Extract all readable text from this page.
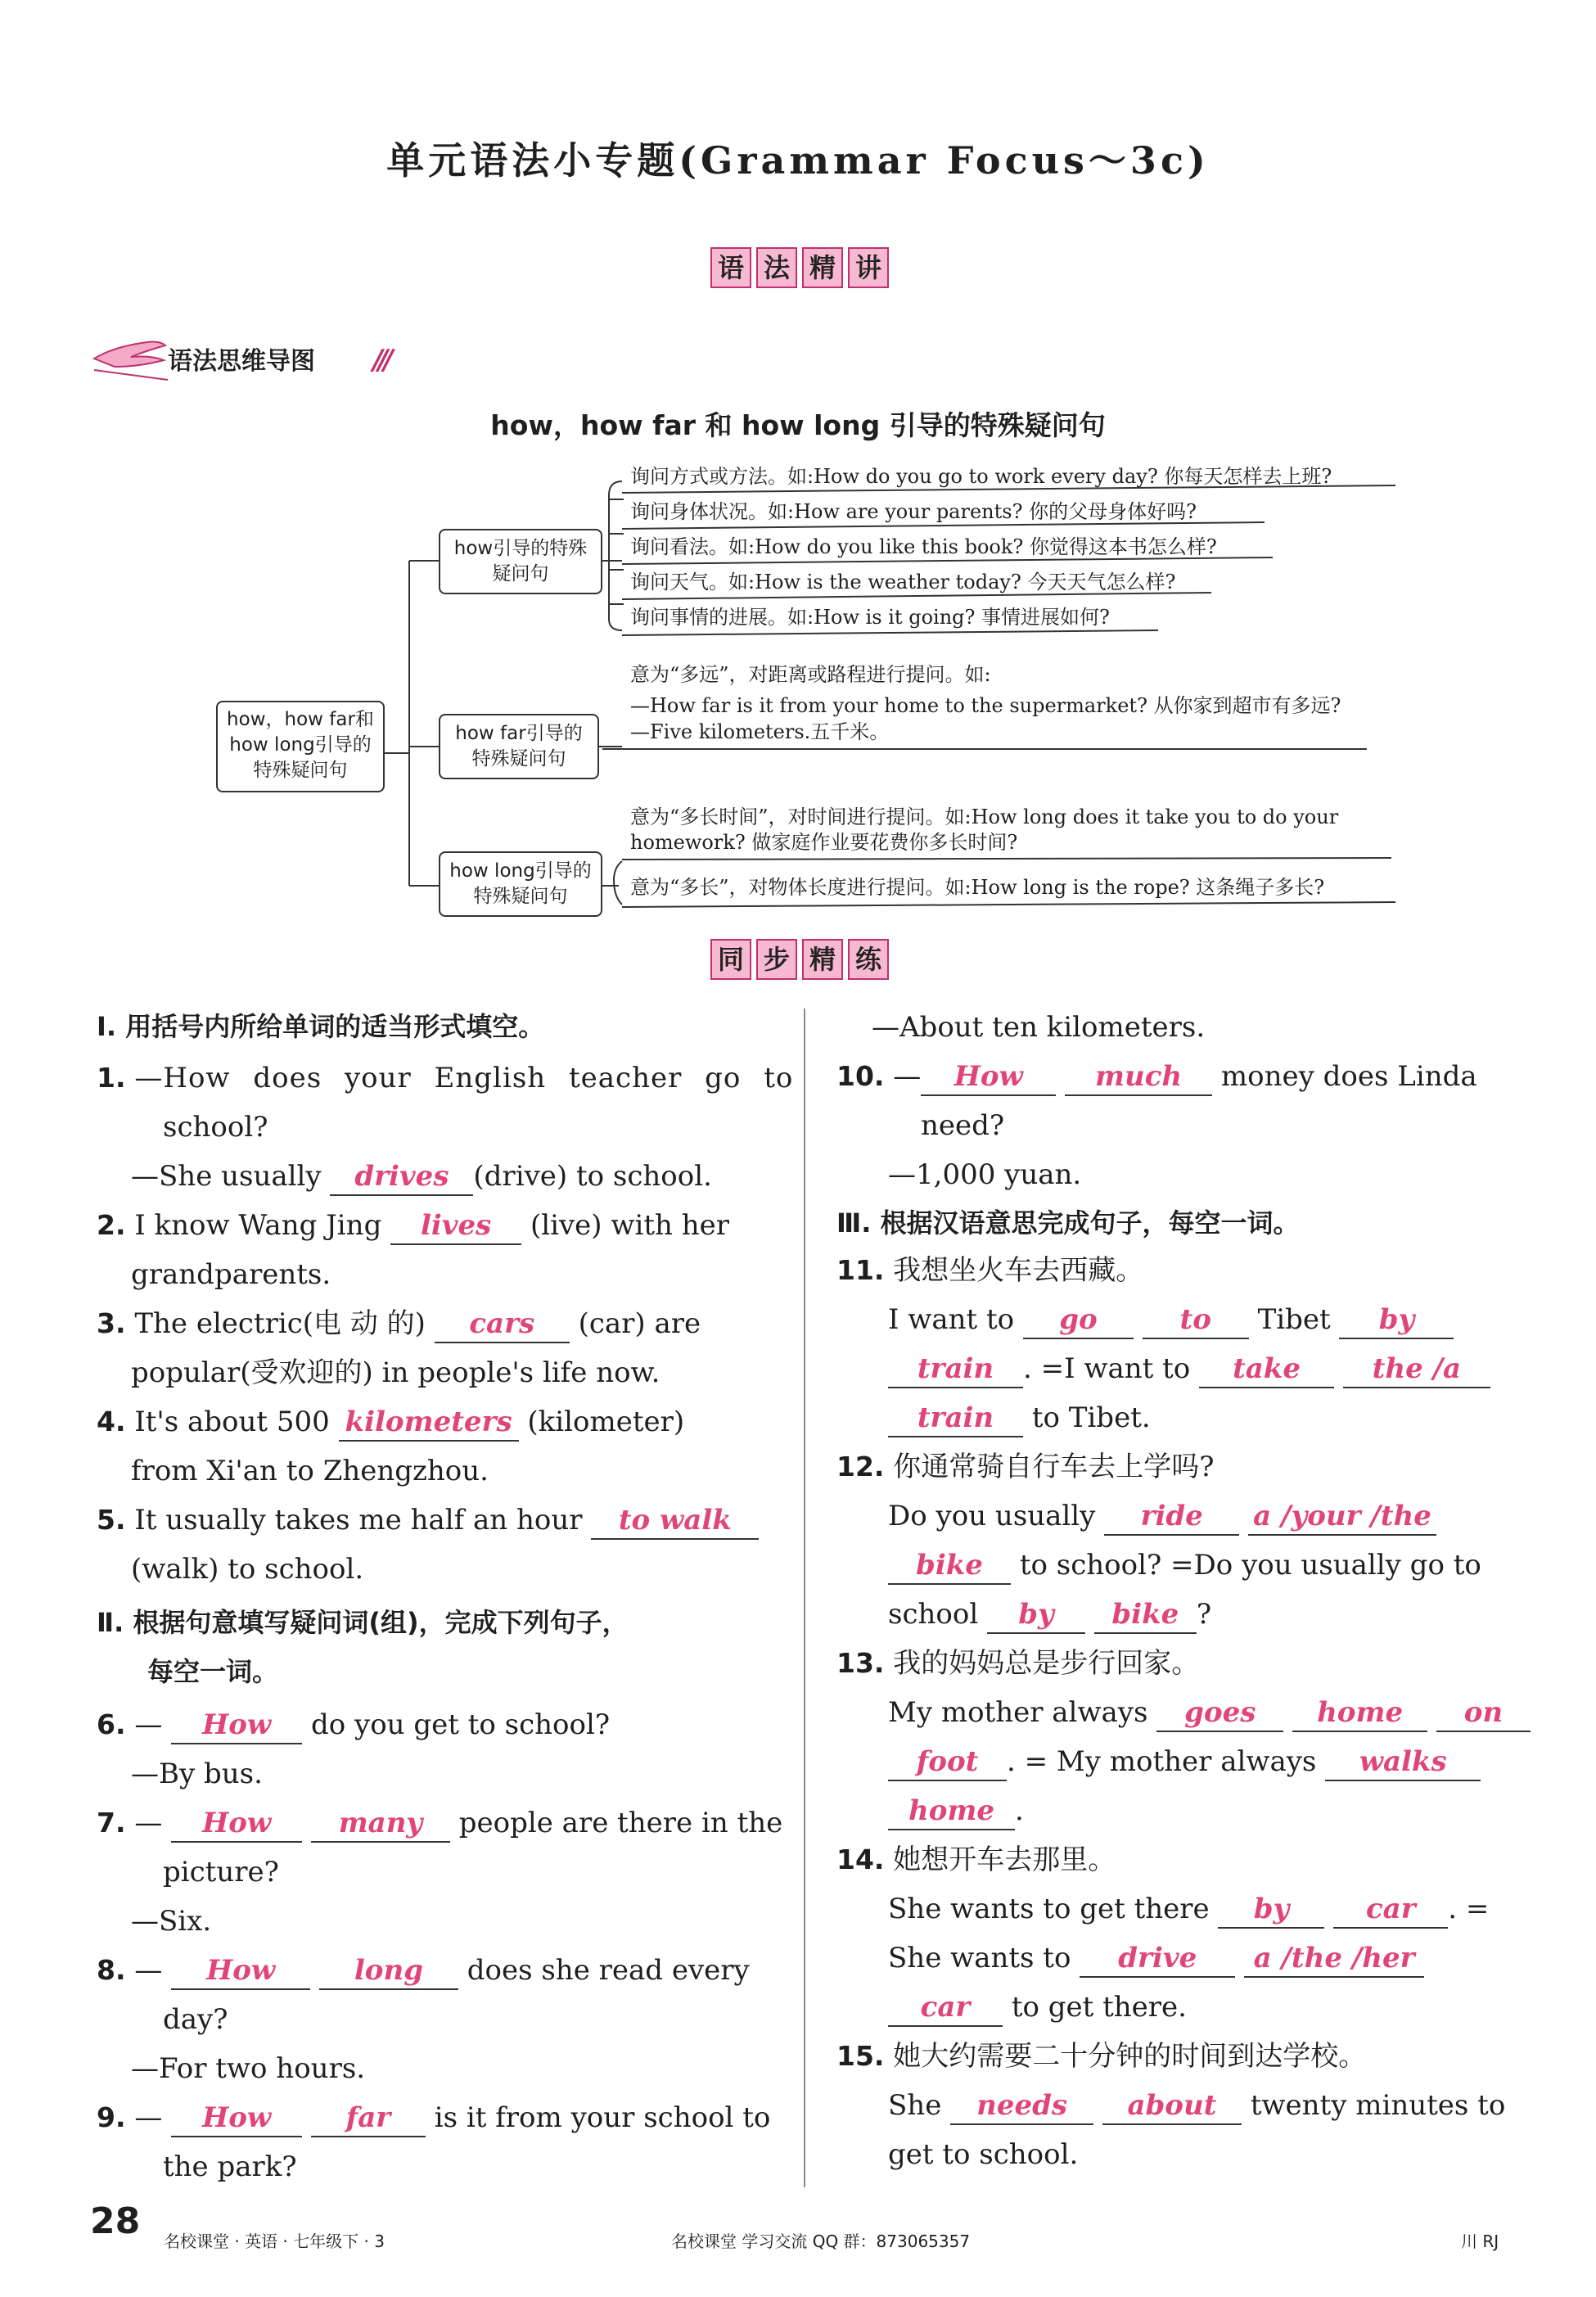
单元语法小专题(Grammar Focus～3c)
语 法 精 讲
语法思维导图 ///
how，how far 和 how long 引导的特殊疑问句
how，how far和how long引导的特殊疑问句
how引导的特殊疑问句
how far引导的特殊疑问句
how long引导的特殊疑问句
询问方式或方法。如:How do you go to work every day? 你每天怎样去上班?
询问身体状况。如:How are your parents? 你的父母身体好吗?
询问看法。如:How do you like this book? 你觉得这本书怎么样?
询问天气。如:How is the weather today? 今天天气怎么样?
询问事情的进展。如:How is it going? 事情进展如何?
意为“多远”，对距离或路程进行提问。如:
—How far is it from your home to the supermarket? 从你家到超市有多远?
—Five kilometers.五千米。
意为“多长时间”，对时间进行提问。如:How long does it take you to do your
homework? 做家庭作业要花费你多长时间?
意为“多长”，对物体长度进行提问。如:How long is the rope? 这条绳子多长?
同 步 精 练
Ⅰ. 用括号内所给单词的适当形式填空。
1. —How does your English teacher go to
school?
—She usually drives (drive) to school.
2. I know Wang Jing lives (live) with her
grandparents.
3. The electric(电 动 的) cars (car) are
popular(受欢迎的) in people's life now.
4. It's about 500 kilometers (kilometer)
from Xi'an to Zhengzhou.
5. It usually takes me half an hour to walk
(walk) to school.
Ⅱ. 根据句意填写疑问词(组)，完成下列句子，
每空一词。
6. — How do you get to school?
—By bus.
7. — How many people are there in the
picture?
—Six.
8. — How	long does she read every
day?
—For two hours.
9. — How	far is it from your school to
the park?
—About ten kilometers.
10. — How	much money does Linda
need?
—1,000 yuan.
Ⅲ. 根据汉语意思完成句子，每空一词。
11. 我想坐火车去西藏。
I want to go	to Tibet by
train . =I want to take	the /a
train to Tibet.
12. 你通常骑自行车去上学吗?
Do you usually ride a /your /the
bike to school? =Do you usually go to
school by bike ?
13. 我的妈妈总是步行回家。
My mother always goes home on
foot . = My mother always walks
home .
14. 她想开车去那里。
She wants to get there by	car . =
She wants to drive a /the /her
car to get there.
15. 她大约需要二十分钟的时间到达学校。
She needs about twenty minutes to
get to school.
28 名校课堂 · 英语 · 七年级下 · 3	名校课堂 学习交流 QQ 群：873065357	川 RJ
